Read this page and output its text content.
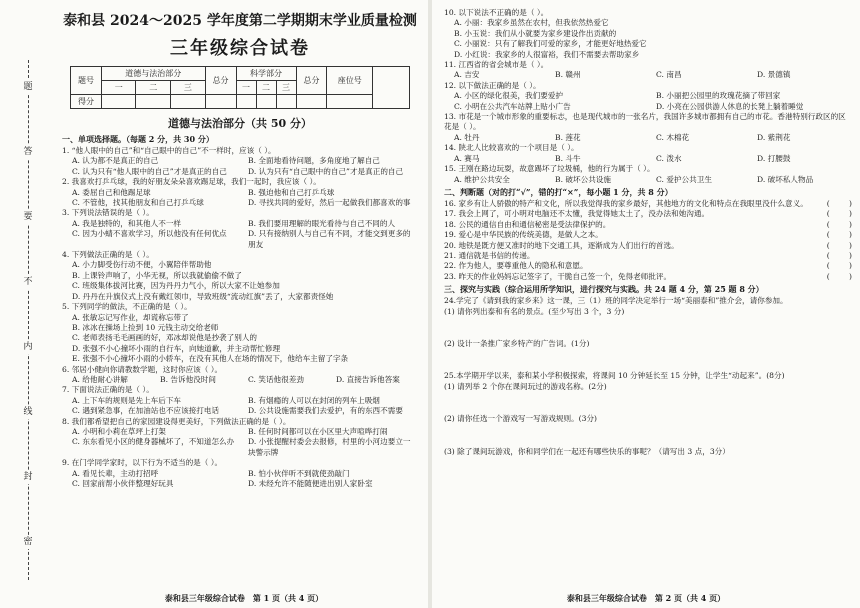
题
答
要
不
内
线
封
密
泰和县 2024～2025 学年度第二学期期末学业质量检测
三年级综合试卷
题号	道德与法治部分			总分	科学部分			总分	座位号	
	一	二	三		一	二	三			
得分										
道德与法治部分（共 50 分）
一、单项选择题。（每题 2 分，共 30 分）

1. “他人眼中的自己”和“自己眼中的自己”不一样时，应该（ ）。

A. 认为都不是真正的自己	B. 全面地看待问题，多角度地了解自己
C. 认为只有“他人眼中的自己”才是真正的自己	D. 认为只有“自己眼中的自己”才是真正的自己

2. 我喜欢打乒乓球，我的好朋友朵朵喜欢踢足球，我们一起时，我应该（ ）。

A. 委屈自己和他踢足球	B. 强迫他和自己打乒乓球
C. 不管他，找其他朋友和自己打乒乓球	D. 寻找共同的爱好，然后一起做我们都喜欢的事

3. 下列说法错误的是（ ）。

A. 我是独特的，和其他人不一样	B. 我们要用理解的眼光看待与自己不同的人
C. 因为小蜻不喜欢学习，所以他没有任何优点	D. 只有接纳别人与自己有不同，才能交到更多的朋友

4. 下列做法正确的是（ ）。

A. 小力脚受伤行动不便，小翼陪伴帮助他
B. 上课铃声响了，小华无视，所以我就偷偷不做了
C. 班级集体拔河比赛，因为丹丹力气小，所以大家不让她参加
D. 丹丹在升旗仪式上没有戴红领巾，导致班级“流动红旗”丢了，大家都责怪她

5. 下列同学的做法，不正确的是（ ）。

A. 张敏忘记写作业，却谎称忘带了
B. 冰冰在操场上捡到 10 元钱主动交给老师
C. 老师表扬毛毛画画的好，邓冰却说他是抄袭了别人的
D. 张强不小心撞坏小雨的自行车，向她道歉，并主动帮忙修理
E. 张强不小心撞坏小雨的小轿车，在没有其他人在场的情况下，他给车主留了字条

6. 邻居小健向你请教数学题，这时你应该（ ）。

A. 给他耐心讲解	B. 告诉他没时间	C. 笑话他很差劲	D. 直接告诉他答案

7. 下面说法正确的是（ ）。

A. 上下车的规则是先上车后下车	B. 有烟瘾的人可以在封闭的列车上吸烟
C. 遇到紧急事，在加油站也不应该接打电话	D. 公共设施需要我们去爱护，有的东西不需要

8. 我们都希望把自己的家园建设得更美好，下列做法正确的是（ ）。

A. 小明和小莉在草坪上打架	B. 任何时间都可以在小区里大声喧哗打闹
C. 东东看见小区的健身器械坏了，不知道怎么办	D. 小张提醒村委会去报修，村里的小河边要立一块警示牌

9. 在门学同学家时，以下行为不适当的是（ ）。

A. 看见长辈，主动打招呼	B. 怕小伙伴听不到就使劲敲门
C. 回家前帮小伙伴整理好玩具	D. 未经允许不能随便进出别人家卧室
泰和县三年级综合试卷　第 1 页（共 4 页）

10. 以下说法不正确的是（ ）。

A. 小丽：我家乡虽然在农村，但我依然热爱它
B. 小玉说：我们从小就要为家乡建设作出贡献的
C. 小丽说：只有了解我们可爱的家乡，才能更好地热爱它
D. 小红说：我家乡的人很富裕，我们不需要去帮助家乡

11. 江西省的省会城市是（ ）。

A. 吉安	B. 赣州	C. 南昌	D. 景德镇

12. 以下做法正确的是（ ）。

A. 小区的绿化很美，我们要爱护	B. 小丽把公园里的玫瑰花摘了带回家
C. 小明在公共汽车站牌上贴小广告	D. 小亮在公园供游人休息的长凳上躺着睡觉

13. 市花是一个城市形象的重要标志，也是现代城市的一张名片，我国许多城市都拥有自己的市花。香港特别行政区的区花是（ ）。

A. 牡丹	B. 莲花	C. 木棉花	D. 紫荆花

14. 陕北人比较喜欢的一个项目是（ ）。

A. 赛马	B. 斗牛	C. 泼水	D. 打腰鼓

15. 王刚在路边玩耍，故意踢坏了垃圾桶，他的行为属于（ ）。

A. 维护公共安全	B. 破坏公共设施	C. 爱护公共卫生	D. 破坏私人物品
二、判断题（对的打“√”，错的打“×”，每小题 1 分，共 8 分）
16. 家乡有让人骄傲的特产和文化，所以我觉得我的家乡最好，其他地方的文化和特点在我眼里没什么意义。 (        )
17. 我会上网了，可小明对电脑还不太懂，我觉得她太土了，没办法和她沟通。	(        )
18. 公民的通信自由和通信秘密是受法律保护的。	(        )
19. 爱心是中华民族的传统美德，是做人之本。	(        )
20. 地铁是既方便又准时的地下交通工具，逐渐成为人们出行的首选。	(        )
21. 通信就是书信的传递。	(        )
22. 作为他人，要尊重他人的隐私和意愿。	(        )
23. 昨天的作业妈妈忘记签字了，干脆自己签一个，免得老师批评。	(        )
三、探究与实践（综合运用所学知识，进行探究与实践。共 24 题 4 分，第 25 题 8 分）

24.学完了《请到我的家乡来》这一课，三（1）班的同学决定举行一场“美丽泰和”推介会，请你参加。

(1) 请你列出泰和有名的景点。(至少写出 3 个，3 分)

(2) 设计一条推广家乡特产的广告词。(1分)

25.本学期开学以来，泰和某小学积极探索，将课间 10 分钟延长至 15 分钟，让学生“动起来”。(8分)

(1) 请列举 2 个你在课间玩过的游戏名称。(2分)

(2) 请你任选一个游戏写一写游戏规则。(3分)

(3) 除了课间玩游戏，你和同学们在一起还有哪些快乐的事呢？（请写出 3 点，3分）

泰和县三年级综合试卷　第 2 页（共 4 页）
